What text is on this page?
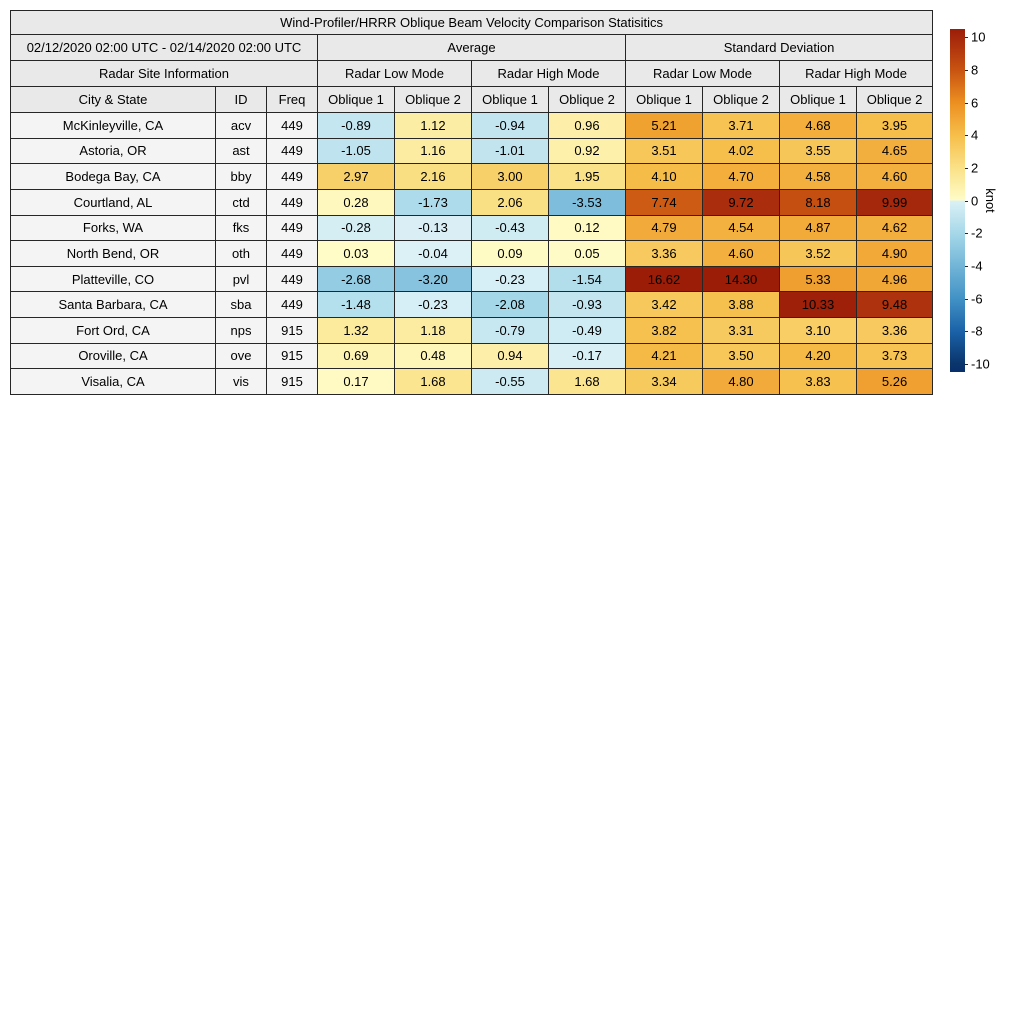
Wind-Profiler/HRRR Oblique Beam Velocity Comparison Statisitics										
02/12/2020 02:00 UTC - 02/14/2020 02:00 UTC			Average				Standard Deviation			
Radar Site Information			Radar Low Mode		Radar High Mode		Radar Low Mode		Radar High Mode	
City & State	ID	Freq	Oblique 1	Oblique 2	Oblique 1	Oblique 2	Oblique 1	Oblique 2	Oblique 1	Oblique 2
McKinleyville, CA	acv	449	-0.89	1.12	-0.94	0.96	5.21	3.71	4.68	3.95
Astoria, OR	ast	449	-1.05	1.16	-1.01	0.92	3.51	4.02	3.55	4.65
Bodega Bay, CA	bby	449	2.97	2.16	3.00	1.95	4.10	4.70	4.58	4.60
Courtland, AL	ctd	449	0.28	-1.73	2.06	-3.53	7.74	9.72	8.18	9.99
Forks, WA	fks	449	-0.28	-0.13	-0.43	0.12	4.79	4.54	4.87	4.62
North Bend, OR	oth	449	0.03	-0.04	0.09	0.05	3.36	4.60	3.52	4.90
Platteville, CO	pvl	449	-2.68	-3.20	-0.23	-1.54	16.62	14.30	5.33	4.96
Santa Barbara, CA	sba	449	-1.48	-0.23	-2.08	-0.93	3.42	3.88	10.33	9.48
Fort Ord, CA	nps	915	1.32	1.18	-0.79	-0.49	3.82	3.31	3.10	3.36
Oroville, CA	ove	915	0.69	0.48	0.94	-0.17	4.21	3.50	4.20	3.73
Visalia, CA	vis	915	0.17	1.68	-0.55	1.68	3.34	4.80	3.83	5.26
10
8
6
4
2
0
-2
-4
-6
-8
-10
knot
